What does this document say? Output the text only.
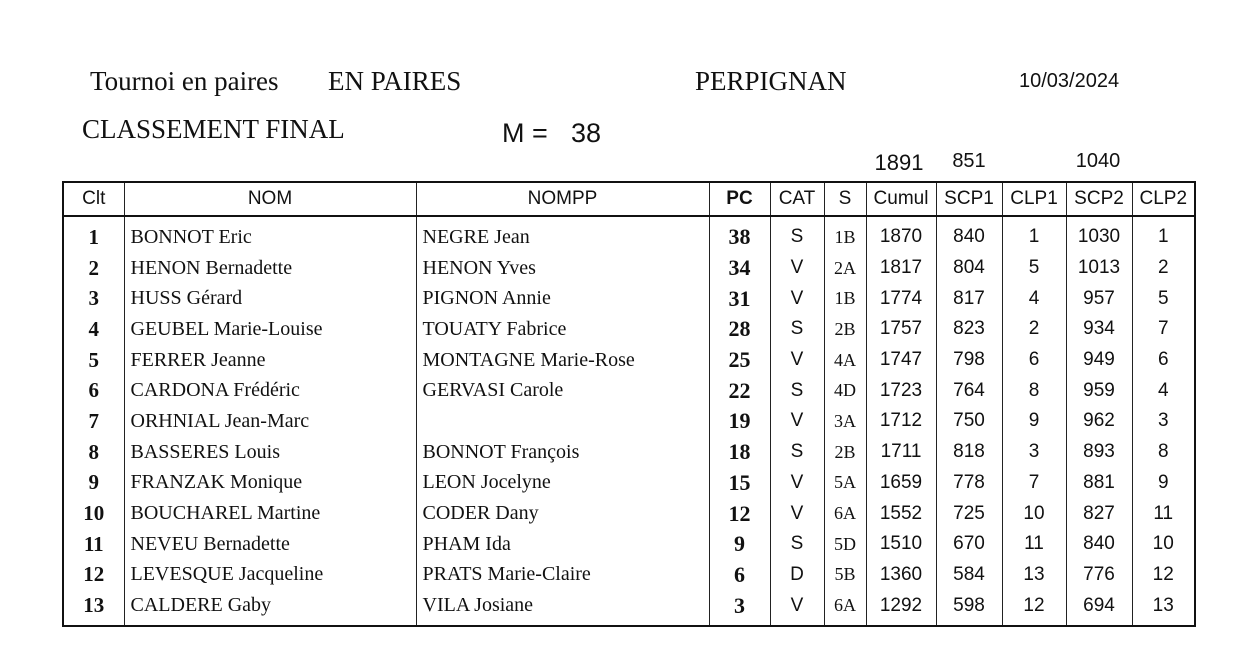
Tournoi en paires EN PAIRES	PERPIGNAN	10/03/2024
CLASSEMENT FINAL	M = 38
1891	851	1040
Clt	NOM	NOMPP	PC	CAT	S	Cumul	SCP1	CLP1	SCP2	CLP2
1	BONNOT Eric	NEGRE Jean	38	S	1B	1870	840	1	1030	1
2	HENON Bernadette	HENON Yves	34	V	2A	1817	804	5	1013	2
3	HUSS Gérard	PIGNON Annie	31	V	1B	1774	817	4	957	5
4	GEUBEL Marie-Louise	TOUATY Fabrice	28	S	2B	1757	823	2	934	7
5	FERRER Jeanne	MONTAGNE Marie-Rose	25	V	4A	1747	798	6	949	6
6	CARDONA Frédéric	GERVASI Carole	22	S	4D	1723	764	8	959	4
7	ORHNIAL Jean-Marc		19	V	3A	1712	750	9	962	3
8	BASSERES Louis	BONNOT François	18	S	2B	1711	818	3	893	8
9	FRANZAK Monique	LEON Jocelyne	15	V	5A	1659	778	7	881	9
10	BOUCHAREL Martine	CODER Dany	12	V	6A	1552	725	10	827	11
11	NEVEU Bernadette	PHAM Ida	9	S	5D	1510	670	11	840	10
12	LEVESQUE Jacqueline	PRATS Marie-Claire	6	D	5B	1360	584	13	776	12
13	CALDERE Gaby	VILA Josiane	3	V	6A	1292	598	12	694	13
